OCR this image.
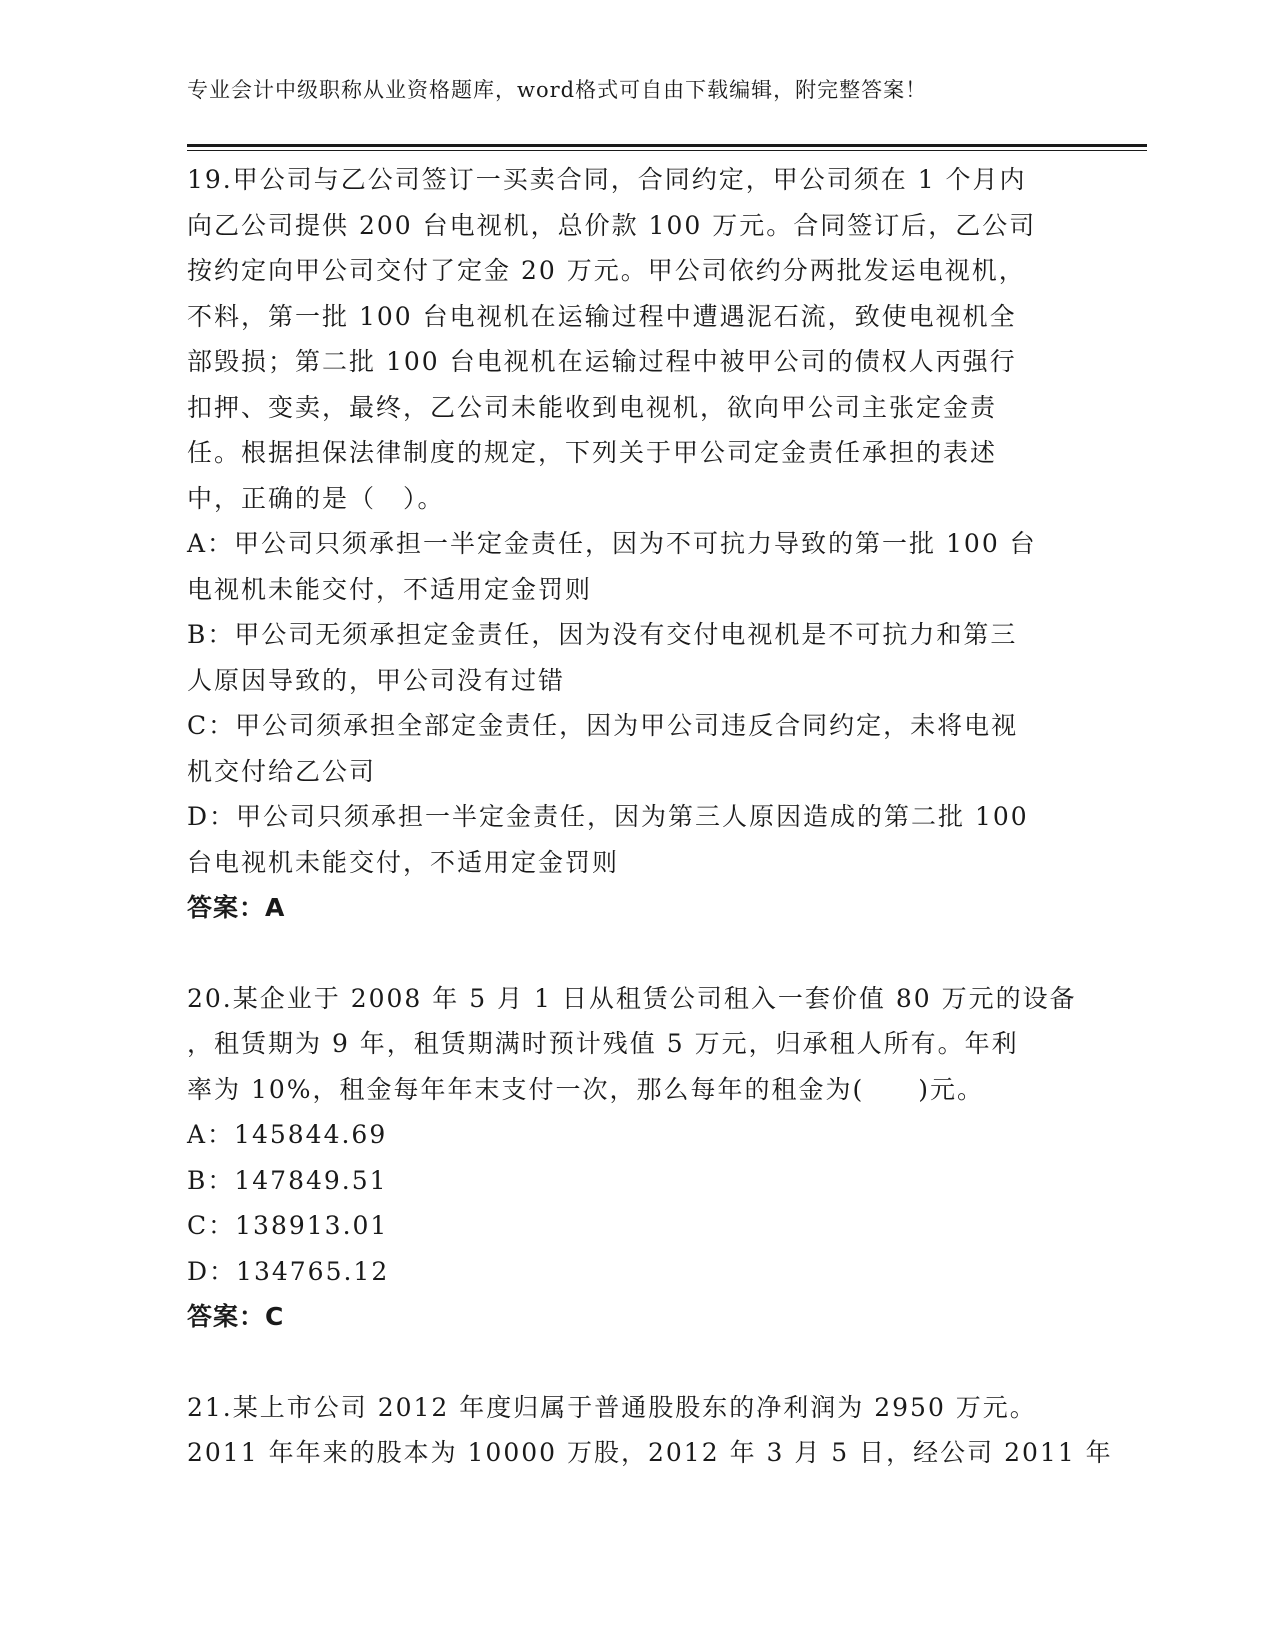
专业会计中级职称从业资格题库，word格式可自由下载编辑，附完整答案！
19.甲公司与乙公司签订一买卖合同，合同约定，甲公司须在 1 个月内
向乙公司提供 200 台电视机，总价款 100 万元。合同签订后，乙公司
按约定向甲公司交付了定金 20 万元。甲公司依约分两批发运电视机，
不料，第一批 100 台电视机在运输过程中遭遇泥石流，致使电视机全
部毁损；第二批 100 台电视机在运输过程中被甲公司的债权人丙强行
扣押、变卖，最终，乙公司未能收到电视机，欲向甲公司主张定金责
任。根据担保法律制度的规定，下列关于甲公司定金责任承担的表述
中，正确的是（　）。
A：甲公司只须承担一半定金责任，因为不可抗力导致的第一批 100 台
电视机未能交付，不适用定金罚则
B：甲公司无须承担定金责任，因为没有交付电视机是不可抗力和第三
人原因导致的，甲公司没有过错
C：甲公司须承担全部定金责任，因为甲公司违反合同约定，未将电视
机交付给乙公司
D：甲公司只须承担一半定金责任，因为第三人原因造成的第二批 100
台电视机未能交付，不适用定金罚则
答案：A
20.某企业于 2008 年 5 月 1 日从租赁公司租入一套价值 80 万元的设备
，租赁期为 9 年，租赁期满时预计残值 5 万元，归承租人所有。年利
率为 10%，租金每年年末支付一次，那么每年的租金为(　　)元。
A：145844.69
B：147849.51
C：138913.01
D：134765.12
答案：C
21.某上市公司 2012 年度归属于普通股股东的净利润为 2950 万元。
2011 年年来的股本为 10000 万股，2012 年 3 月 5 日，经公司 2011 年
